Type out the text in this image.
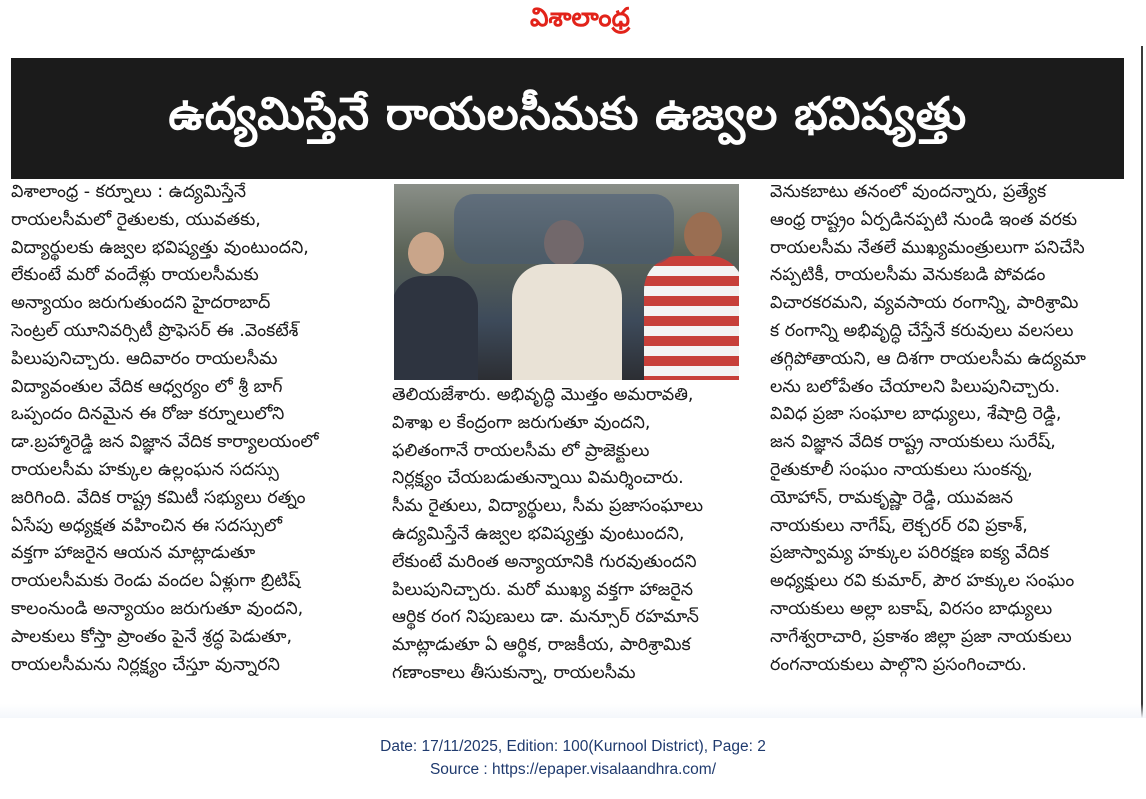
విశాలాంధ్ర
ఉద్యమిస్తేనే రాయలసీమకు ఉజ్వల భవిష్యత్తు
విశాలాంధ్ర - కర్నూలు : ఉద్యమిస్తేనే
రాయలసీమలో రైతులకు, యువతకు,
విద్యార్థులకు ఉజ్వల భవిష్యత్తు వుంటుందని,
లేకుంటే మరో వందేళ్లు రాయలసీమకు
అన్యాయం జరుగుతుందని హైదరాబాద్
సెంట్రల్ యూనివర్సిటీ ప్రొఫెసర్ ఈ .వెంకటేశ్
పిలుపునిచ్చారు. ఆదివారం రాయలసీమ
విద్యావంతుల వేదిక ఆధ్వర్యం లో శ్రీ బాగ్
ఒప్పందం దినమైన ఈ రోజు కర్నూలులోని
డా.బ్రహ్మారెడ్డి జన విజ్ఞాన వేదిక కార్యాలయంలో
రాయలసీమ హక్కుల ఉల్లంఘన సదస్సు
జరిగింది. వేదిక రాష్ట్ర కమిటీ సభ్యులు రత్నం
ఏసేపు అధ్యక్షత వహించిన ఈ సదస్సులో
వక్తగా హాజరైన ఆయన మాట్లాడుతూ
రాయలసీమకు రెండు వందల ఏళ్లుగా బ్రిటిష్
కాలంనుండి అన్యాయం జరుగుతూ వుందని,
పాలకులు కోస్తా ప్రాంతం పైనే శ్రద్ధ పెడుతూ,
రాయలసీమను నిర్లక్ష్యం చేస్తూ వున్నారని
తెలియజేశారు. అభివృద్ధి మొత్తం అమరావతి,
విశాఖ ల కేంద్రంగా జరుగుతూ వుందని,
ఫలితంగానే రాయలసీమ లో ప్రాజెక్టులు
నిర్లక్ష్యం చేయబడుతున్నాయి విమర్శించారు.
సీమ రైతులు, విద్యార్థులు, సీమ ప్రజాసంఘాలు
ఉద్యమిస్తేనే ఉజ్వల భవిష్యత్తు వుంటుందని,
లేకుంటే మరింత అన్యాయానికి గురవుతుందని
పిలుపునిచ్చారు. మరో ముఖ్య వక్తగా హాజరైన
ఆర్థిక రంగ నిపుణులు డా. మన్సూర్ రహమాన్
మాట్లాడుతూ ఏ ఆర్థిక, రాజకీయ, పారిశ్రామిక
గణాంకాలు తీసుకున్నా, రాయలసీమ
వెనుకబాటు తనంలో వుందన్నారు, ప్రత్యేక
ఆంధ్ర రాష్ట్రం ఏర్పడినప్పటి నుండి ఇంత వరకు
రాయలసీమ నేతలే ముఖ్యమంత్రులుగా పనిచేసి
నప్పటికీ, రాయలసీమ వెనుకబడి పోవడం
విచారకరమని, వ్యవసాయ రంగాన్ని, పారిశ్రామి
క రంగాన్ని అభివృద్ధి చేస్తేనే కరువులు వలసలు
తగ్గిపోతాయని, ఆ దిశగా రాయలసీమ ఉద్యమా
లను బలోపేతం చేయాలని పిలుపునిచ్చారు.
వివిధ ప్రజా సంఘాల బాధ్యులు, శేషాద్రి రెడ్డి,
జన విజ్ఞాన వేదిక రాష్ట్ర నాయకులు సురేష్,
రైతుకూలీ సంఘం నాయకులు సుంకన్న,
యోహాన్, రామకృష్ణా రెడ్డి, యువజన
నాయకులు నాగేష్, లెక్చరర్ రవి ప్రకాశ్,
ప్రజాస్వామ్య హక్కుల పరిరక్షణ ఐక్య వేదిక
అధ్యక్షులు రవి కుమార్, పౌర హక్కుల సంఘం
నాయకులు అల్లా బకాష్, విరసం బాధ్యులు
నాగేశ్వరాచారి, ప్రకాశం జిల్లా ప్రజా నాయకులు
రంగనాయకులు పాల్గొని ప్రసంగించారు.
Date: 17/11/2025, Edition: 100(Kurnool District), Page: 2
Source : https://epaper.visalaandhra.com/
